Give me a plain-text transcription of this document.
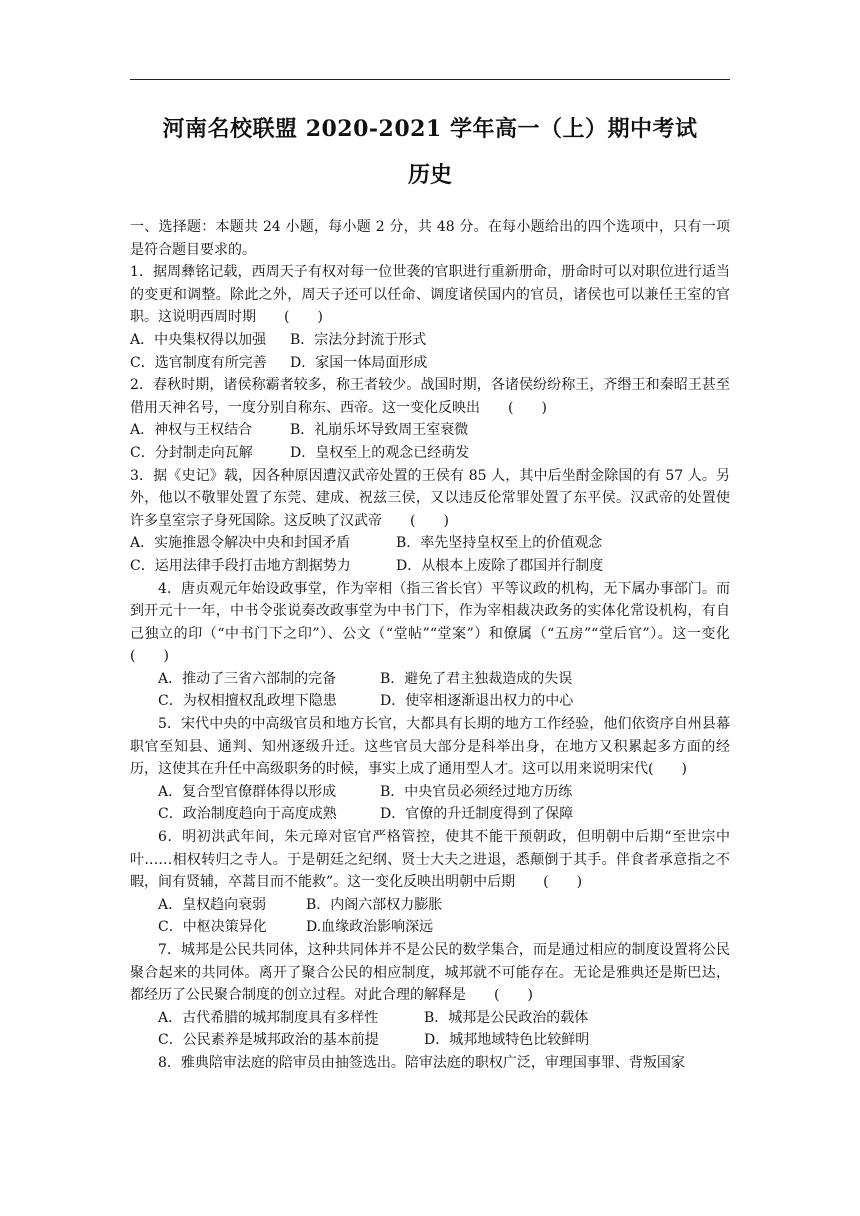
河南名校联盟 2020-2021 学年高一（上）期中考试
历史

一、选择题：本题共 24 小题，每小题 2 分，共 48 分。在每小题给出的四个选项中，只有一项是符合题目要求的。

1．据周彝铭记载，西周天子有权对每一位世袭的官职进行重新册命，册命时可以对职位进行适当的变更和调整。除此之外，周天子还可以任命、调度诸侯国内的官员，诸侯也可以兼任王室的官职。这说明西周时期　　(　　)

A．中央集权得以加强 B．宗法分封流于形式

C．选官制度有所完善 D．家国一体局面形成

2．春秋时期，诸侯称霸者较多，称王者较少。战国时期，各诸侯纷纷称王，齐缗王和秦昭王甚至借用天神名号，一度分别自称东、西帝。这一变化反映出　　(　　)

A．神权与王权结合	B．礼崩乐坏导致周王室衰微

C．分封制走向瓦解	D．皇权至上的观念已经萌发

3．据《史记》载，因各种原因遭汉武帝处置的王侯有 85 人，其中后坐酎金除国的有 57 人。另外，他以不敬罪处置了东莞、建成、祝兹三侯，又以违反伦常罪处置了东平侯。汉武帝的处置使许多皇室宗子身死国除。这反映了汉武帝　　(　　)

A．实施推恩令解决中央和封国矛盾	B．率先坚持皇权至上的价值观念

C．运用法律手段打击地方割据势力	D．从根本上废除了郡国并行制度

4．唐贞观元年始设政事堂，作为宰相（指三省长官）平等议政的机构，无下属办事部门。而到开元十一年，中书令张说奏改政事堂为中书门下，作为宰相裁决政务的实体化常设机构，有自己独立的印（“中书门下之印”）、公文（“堂帖”“堂案”）和僚属（“五房”“堂后官”）。这一变化　　(　　)

A．推动了三省六部制的完备	B．避免了君主独裁造成的失误

C．为权相擅权乱政埋下隐患	D．使宰相逐渐退出权力的中心

5．宋代中央的中高级官员和地方长官，大都具有长期的地方工作经验，他们依资序自州县幕职官至知县、通判、知州逐级升迁。这些官员大部分是科举出身，在地方又积累起多方面的经历，这使其在升任中高级职务的时候，事实上成了通用型人才。这可以用来说明宋代(　　)

A．复合型官僚群体得以形成	B．中央官员必须经过地方历练

C．政治制度趋向于高度成熟	D．官僚的升迁制度得到了保障

6．明初洪武年间，朱元璋对宦官严格管控，使其不能干预朝政，但明朝中后期“至世宗中叶……相权转归之寺人。于是朝廷之纪纲、贤士大夫之进退，悉颠倒于其手。伴食者承意指之不暇，间有贤辅，卒蒿目而不能救”。这一变化反映出明朝中后期　　(　　)

A．皇权趋向衰弱	B．内阁六部权力膨胀

C．中枢决策异化	D.血缘政治影响深远

7．城邦是公民共同体，这种共同体并不是公民的数学集合，而是通过相应的制度设置将公民聚合起来的共同体。离开了聚合公民的相应制度，城邦就不可能存在。无论是雅典还是斯巴达，都经历了公民聚合制度的创立过程。对此合理的解释是　　(　　)

A．古代希腊的城邦制度具有多样性	B．城邦是公民政治的载体

C．公民素养是城邦政治的基本前提	D．城邦地域特色比较鲜明

8．雅典陪审法庭的陪审员由抽签选出。陪审法庭的职权广泛，审理国事罪、背叛国家
